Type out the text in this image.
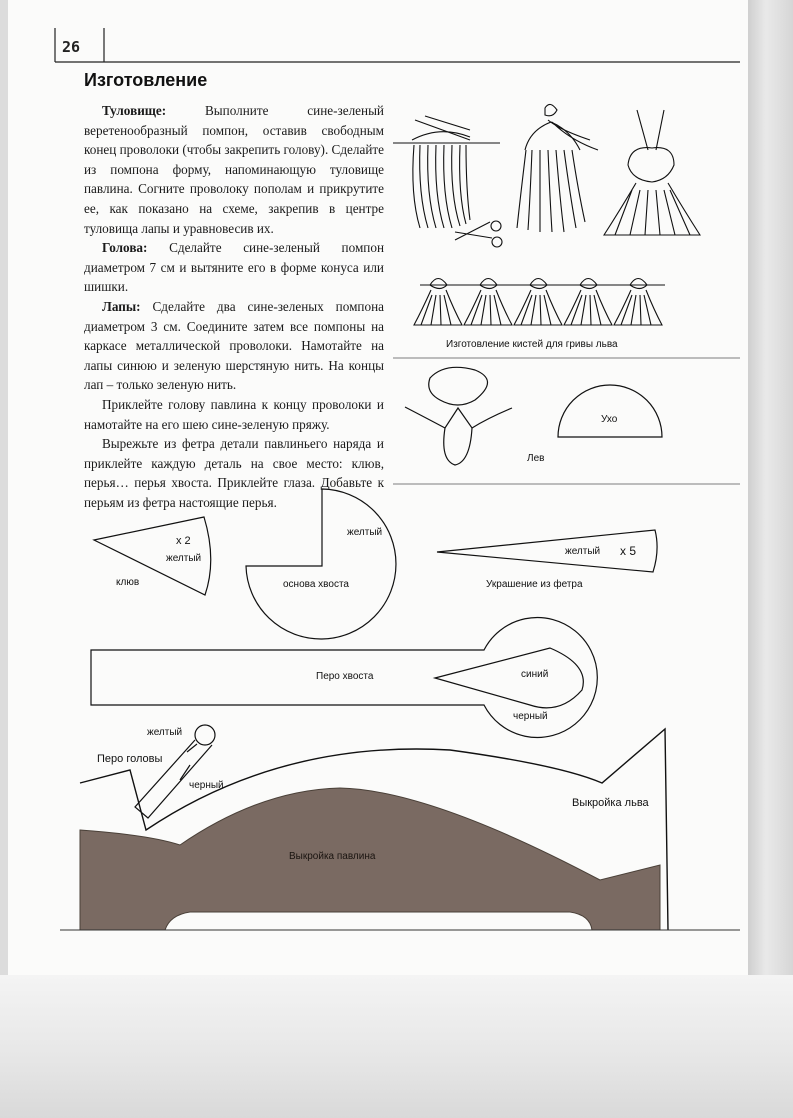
26
Изготовление

Туловище: Выполните сине-зеленый веретенообразный помпон, оставив свободным конец проволоки (чтобы закрепить голову). Сделайте из помпона форму, напоминающую туловище павлина. Согните проволоку пополам и прикрутите ее, как показано на схеме, закрепив в центре туловища лапы и уравновесив их.

Голова: Сделайте сине-зеленый помпон диаметром 7 см и вытяните его в форме конуса или шишки.

Лапы: Сделайте два сине-зеленых помпона диаметром 3 см. Соедините затем все помпоны на каркасе металлической проволоки. Намотайте на лапы синюю и зеленую шерстяную нить. На концы лап – только зеленую нить.

Приклейте голову павлина к концу проволоки и намотайте на его шею сине-зеленую пряжу.

Вырежьте из фетра детали павлиньего наряда и приклейте каждую деталь на свое место: клюв, перья… перья хвоста. Приклейте глаза. Добавьте к перьям из фетра настоящие перья.

Изготовление кистей для гривы льва
Лев
Ухо
x 2
желтый
клюв
желтый
основа хвоста
желтый x 5
Украшение из фетра
Перо хвоста	синий
черный
желтый
Перо головы
черный
Выкройка льва
Выкройка павлина
